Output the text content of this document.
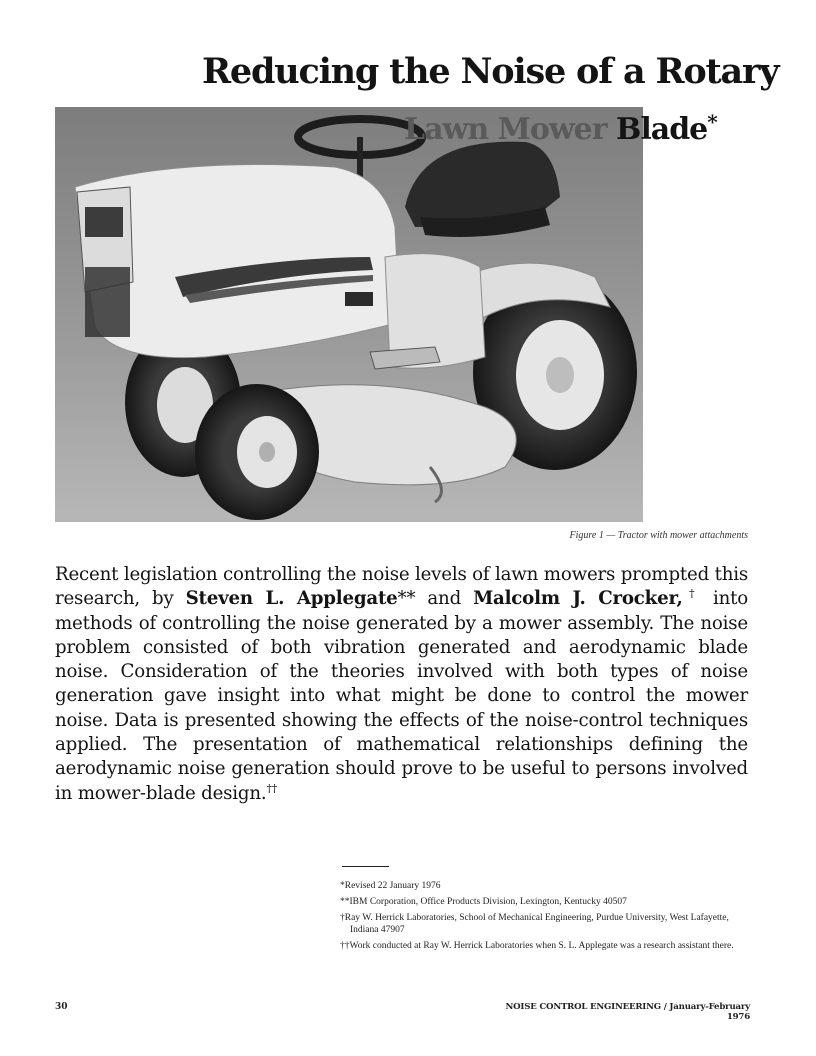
Reducing the Noise of a Rotary
Lawn Mower Blade*
Figure 1 — Tractor with mower attachments

Recent legislation controlling the noise levels of lawn mowers prompted this research, by Steven L. Applegate** and Malcolm J. Crocker,† into methods of controlling the noise generated by a mower assembly. The noise problem consisted of both vibration generated and aerodynamic blade noise. Consideration of the theories involved with both types of noise generation gave insight into what might be done to control the mower noise. Data is presented showing the effects of the noise-control techniques applied. The presentation of mathematical relationships defining the aerodynamic noise generation should prove to be useful to persons involved in mower-blade design.††

*Revised 22 January 1976

**IBM Corporation, Office Products Division, Lexington, Kentucky 40507

†Ray W. Herrick Laboratories, School of Mechanical Engineering, Purdue University, West Lafayette, Indiana 47907

††Work conducted at Ray W. Herrick Laboratories when S. L. Applegate was a research assistant there.

30	NOISE CONTROL ENGINEERING / January-February 1976
